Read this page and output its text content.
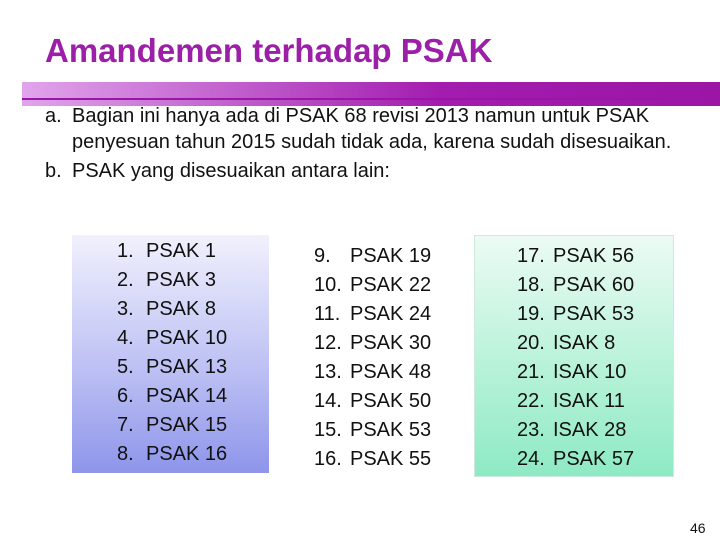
Amandemen terhadap PSAK
a. Bagian ini hanya ada di PSAK 68 revisi 2013 namun untuk PSAK penyesuan tahun 2015 sudah tidak ada, karena sudah disesuaikan.
b. PSAK yang disesuaikan antara lain:
1. PSAK 1
2. PSAK 3
3. PSAK 8
4. PSAK 10
5. PSAK 13
6. PSAK 14
7. PSAK 15
8. PSAK 16
9. PSAK 19
10. PSAK 22
11. PSAK 24
12. PSAK 30
13. PSAK 48
14. PSAK 50
15. PSAK 53
16. PSAK 55
17. PSAK 56
18. PSAK 60
19. PSAK 53
20. ISAK 8
21. ISAK 10
22. ISAK 11
23. ISAK 28
24. PSAK 57
46
